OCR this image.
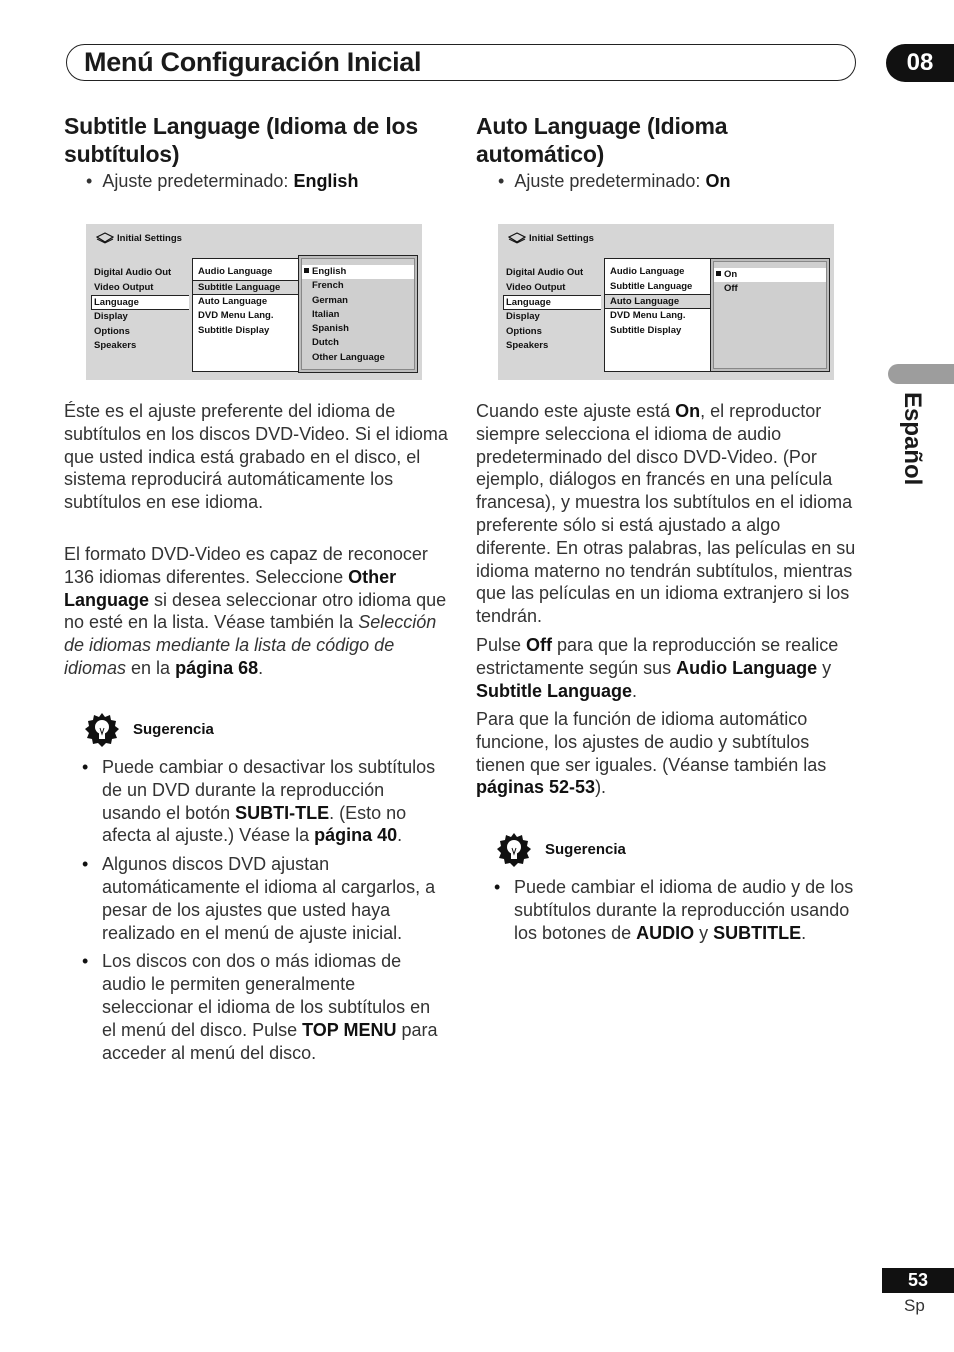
Menú Configuración Inicial	08
Español
Subtitle Language (Idioma de los subtítulos)
• Ajuste predeterminado: English
Initial Settings
Digital Audio Out
Video Output
Language
Display
Options
Speakers
Audio Language
Subtitle Language
Auto Language
DVD Menu Lang.
Subtitle Display
English
French
German
Italian
Spanish
Dutch
Other Language

Éste es el ajuste preferente del idioma de subtítulos en los discos DVD-Video. Si el idioma que usted indica está grabado en el disco, el sistema reproducirá automáticamente los subtítulos en ese idioma.

El formato DVD-Video es capaz de reconocer 136 idiomas diferentes. Seleccione Other Language si desea seleccionar otro idioma que no esté en la lista. Véase también la Selección de idiomas mediante la lista de código de idiomas en la página 68.

Sugerencia
• Puede cambiar o desactivar los subtítulos de un DVD durante la reproducción usando el botón SUBTI-TLE. (Esto no afecta al ajuste.) Véase la página 40.
• Algunos discos DVD ajustan automáticamente el idioma al cargarlos, a pesar de los ajustes que usted haya realizado en el menú de ajuste inicial.
• Los discos con dos o más idiomas de audio le permiten generalmente seleccionar el idioma de los subtítulos en el menú del disco. Pulse TOP MENU para acceder al menú del disco.
Auto Language (Idioma automático)
• Ajuste predeterminado: On
Initial Settings
Digital Audio Out
Video Output
Language
Display
Options
Speakers
Audio Language
Subtitle Language
Auto Language
DVD Menu Lang.
Subtitle Display
On
Off

Cuando este ajuste está On, el reproductor siempre selecciona el idioma de audio predeterminado del disco DVD-Video. (Por ejemplo, diálogos en francés en una película francesa), y muestra los subtítulos en el idioma preferente sólo si está ajustado a algo diferente. En otras palabras, las películas en su idioma materno no tendrán subtítulos, mientras que las películas en un idioma extranjero si los tendrán.

Pulse Off para que la reproducción se realice estrictamente según sus Audio Language y Subtitle Language.

Para que la función de idioma automático funcione, los ajustes de audio y subtítulos tienen que ser iguales. (Véanse también las páginas 52-53).

Sugerencia
• Puede cambiar el idioma de audio y de los subtítulos durante la reproducción usando los botones de AUDIO y SUBTITLE.
53
Sp
